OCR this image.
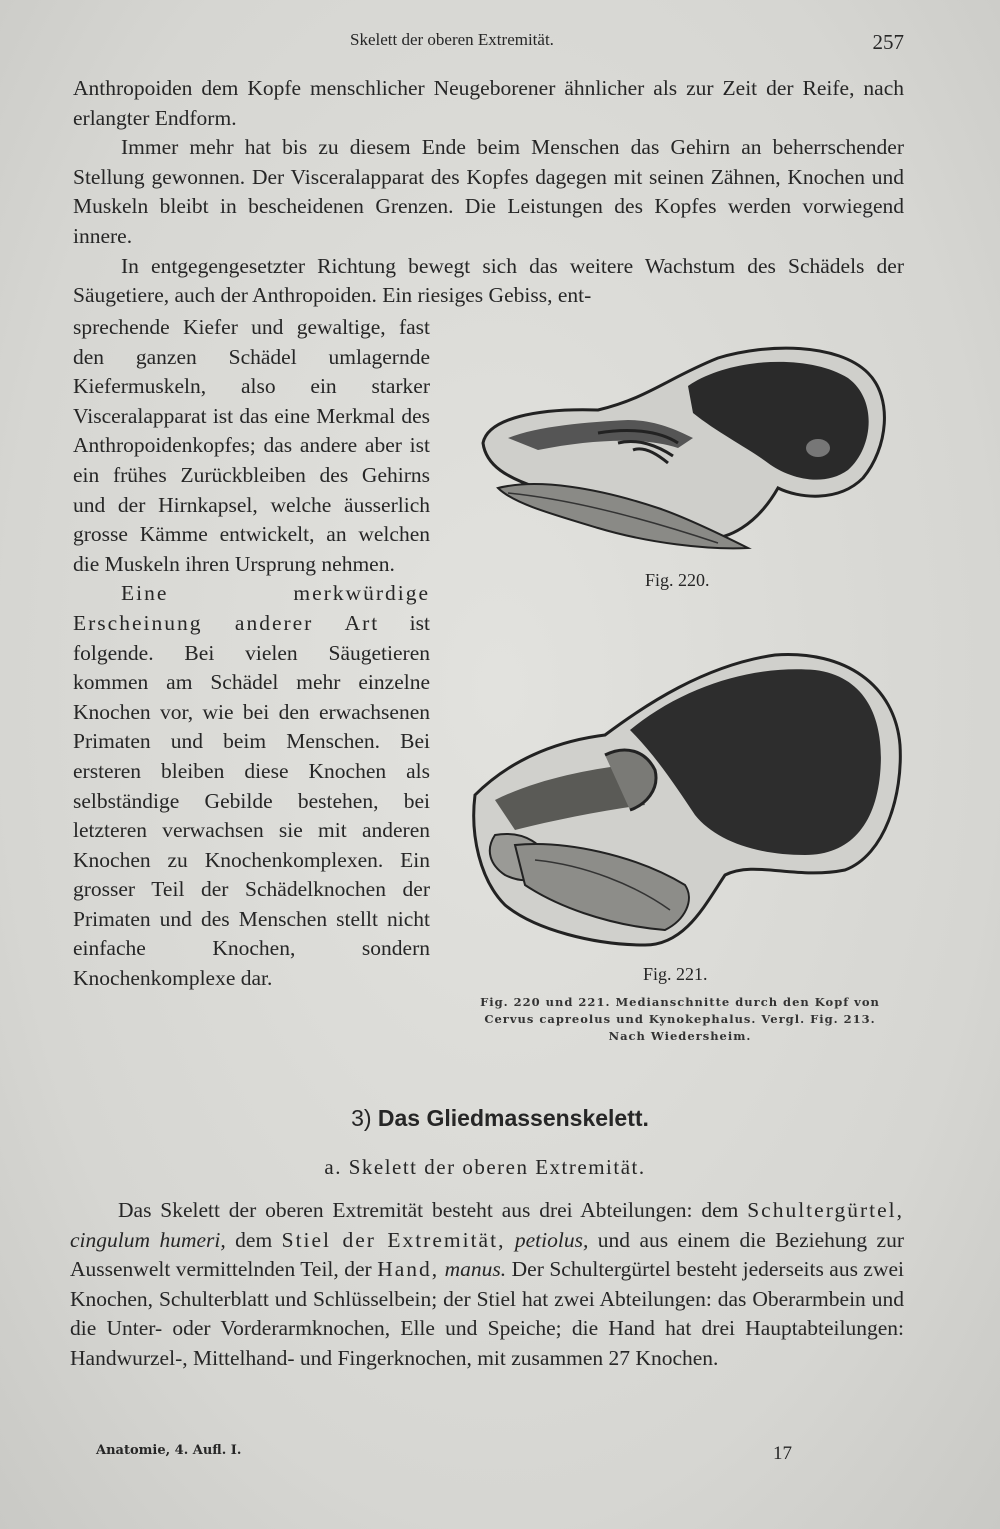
Skelett der oberen Extremität.	257

Anthropoiden dem Kopfe menschlicher Neugeborener ähnlicher als zur Zeit der Reife, nach erlangter Endform.

Immer mehr hat bis zu diesem Ende beim Menschen das Gehirn an beherrschender Stellung gewonnen. Der Visceralapparat des Kopfes dagegen mit seinen Zähnen, Knochen und Muskeln bleibt in bescheidenen Grenzen. Die Leistungen des Kopfes werden vorwiegend innere.

In entgegengesetzter Richtung bewegt sich das weitere Wachstum des Schädels der Säugetiere, auch der Anthropoiden. Ein riesiges Gebiss, ent-

sprechende Kiefer und gewaltige, fast den ganzen Schädel umlagernde Kiefermuskeln, also ein starker Visceralapparat ist das eine Merkmal des Anthropoidenkopfes; das andere aber ist ein frühes Zurückbleiben des Gehirns und der Hirnkapsel, welche äusserlich grosse Kämme entwickelt, an welchen die Muskeln ihren Ursprung nehmen.

Eine merkwürdige Erscheinung anderer Art ist folgende. Bei vielen Säugetieren kommen am Schädel mehr einzelne Knochen vor, wie bei den erwachsenen Primaten und beim Menschen. Bei ersteren bleiben diese Knochen als selbständige Gebilde bestehen, bei letzteren verwachsen sie mit anderen Knochen zu Knochenkomplexen. Ein grosser Teil der Schädelknochen der Primaten und des Menschen stellt nicht einfache Knochen, sondern Knochenkomplexe dar.

Fig. 220.
Fig. 221.
Fig. 220 und 221. Medianschnitte durch den Kopf von
Cervus capreolus und Kynokephalus. Vergl. Fig. 213.
Nach Wiedersheim.
3) Das Gliedmassenskelett.
a. Skelett der oberen Extremität.
Das Skelett der oberen Extremität besteht aus drei Abteilungen: dem Schultergürtel, cingulum humeri, dem Stiel der Extremität, petiolus, und aus einem die Beziehung zur Aussenwelt vermittelnden Teil, der Hand, manus. Der Schultergürtel besteht jederseits aus zwei Knochen, Schulterblatt und Schlüsselbein; der Stiel hat zwei Abteilungen: das Oberarmbein und die Unter- oder Vorderarmknochen, Elle und Speiche; die Hand hat drei Hauptabteilungen: Handwurzel-, Mittelhand- und Fingerknochen, mit zusammen 27 Knochen.
Anatomie, 4. Aufl. I.	17
